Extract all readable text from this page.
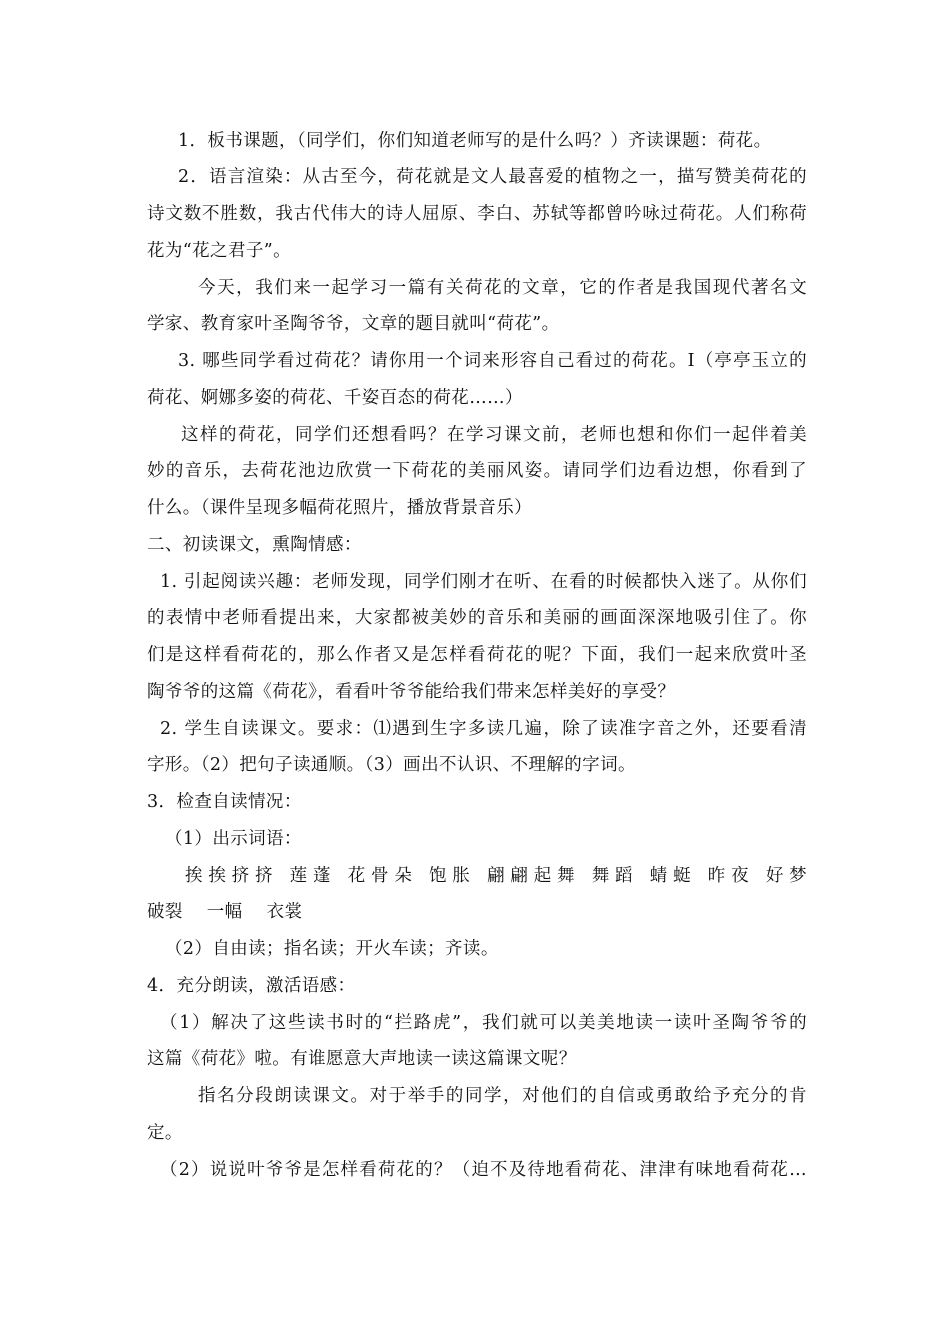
1．板书课题，（同学们，你们知道老师写的是什么吗？）齐读课题：荷花。
2．语言渲染：从古至今，荷花就是文人最喜爱的植物之一，描写赞美荷花的
诗文数不胜数，我古代伟大的诗人屈原、李白、苏轼等都曾吟咏过荷花。人们称荷
花为“花之君子”。
今天，我们来一起学习一篇有关荷花的文章，它的作者是我国现代著名文
学家、教育家叶圣陶爷爷，文章的题目就叫“荷花”。
3. 哪些同学看过荷花？请你用一个词来形容自己看过的荷花。I（亭亭玉立的
荷花、婀娜多姿的荷花、千姿百态的荷花……）
这样的荷花，同学们还想看吗？在学习课文前，老师也想和你们一起伴着美
妙的音乐，去荷花池边欣赏一下荷花的美丽风姿。请同学们边看边想，你看到了
什么。（课件呈现多幅荷花照片，播放背景音乐）
二、初读课文，熏陶情感：
1. 引起阅读兴趣：老师发现，同学们刚才在听、在看的时候都快入迷了。从你们
的表情中老师看提出来，大家都被美妙的音乐和美丽的画面深深地吸引住了。你
们是这样看荷花的，那么作者又是怎样看荷花的呢？下面，我们一起来欣赏叶圣
陶爷爷的这篇《荷花》，看看叶爷爷能给我们带来怎样美好的享受？
2. 学生自读课文。要求：⑴遇到生字多读几遍，除了读准字音之外，还要看清
字形。（2）把句子读通顺。（3）画出不认识、不理解的字词。
3．检查自读情况：
（1）出示词语：
挨挨挤挤 莲蓬 花骨朵 饱胀 翩翩起舞 舞蹈 蜻蜓 昨夜 好梦
破裂 一幅 衣裳
（2）自由读；指名读；开火车读；齐读。
4．充分朗读，激活语感：
（1）解决了这些读书时的“拦路虎”，我们就可以美美地读一读叶圣陶爷爷的
这篇《荷花》啦。有谁愿意大声地读一读这篇课文呢？
指名分段朗读课文。对于举手的同学，对他们的自信或勇敢给予充分的肯
定。
（2）说说叶爷爷是怎样看荷花的？（迫不及待地看荷花、津津有味地看荷花…
